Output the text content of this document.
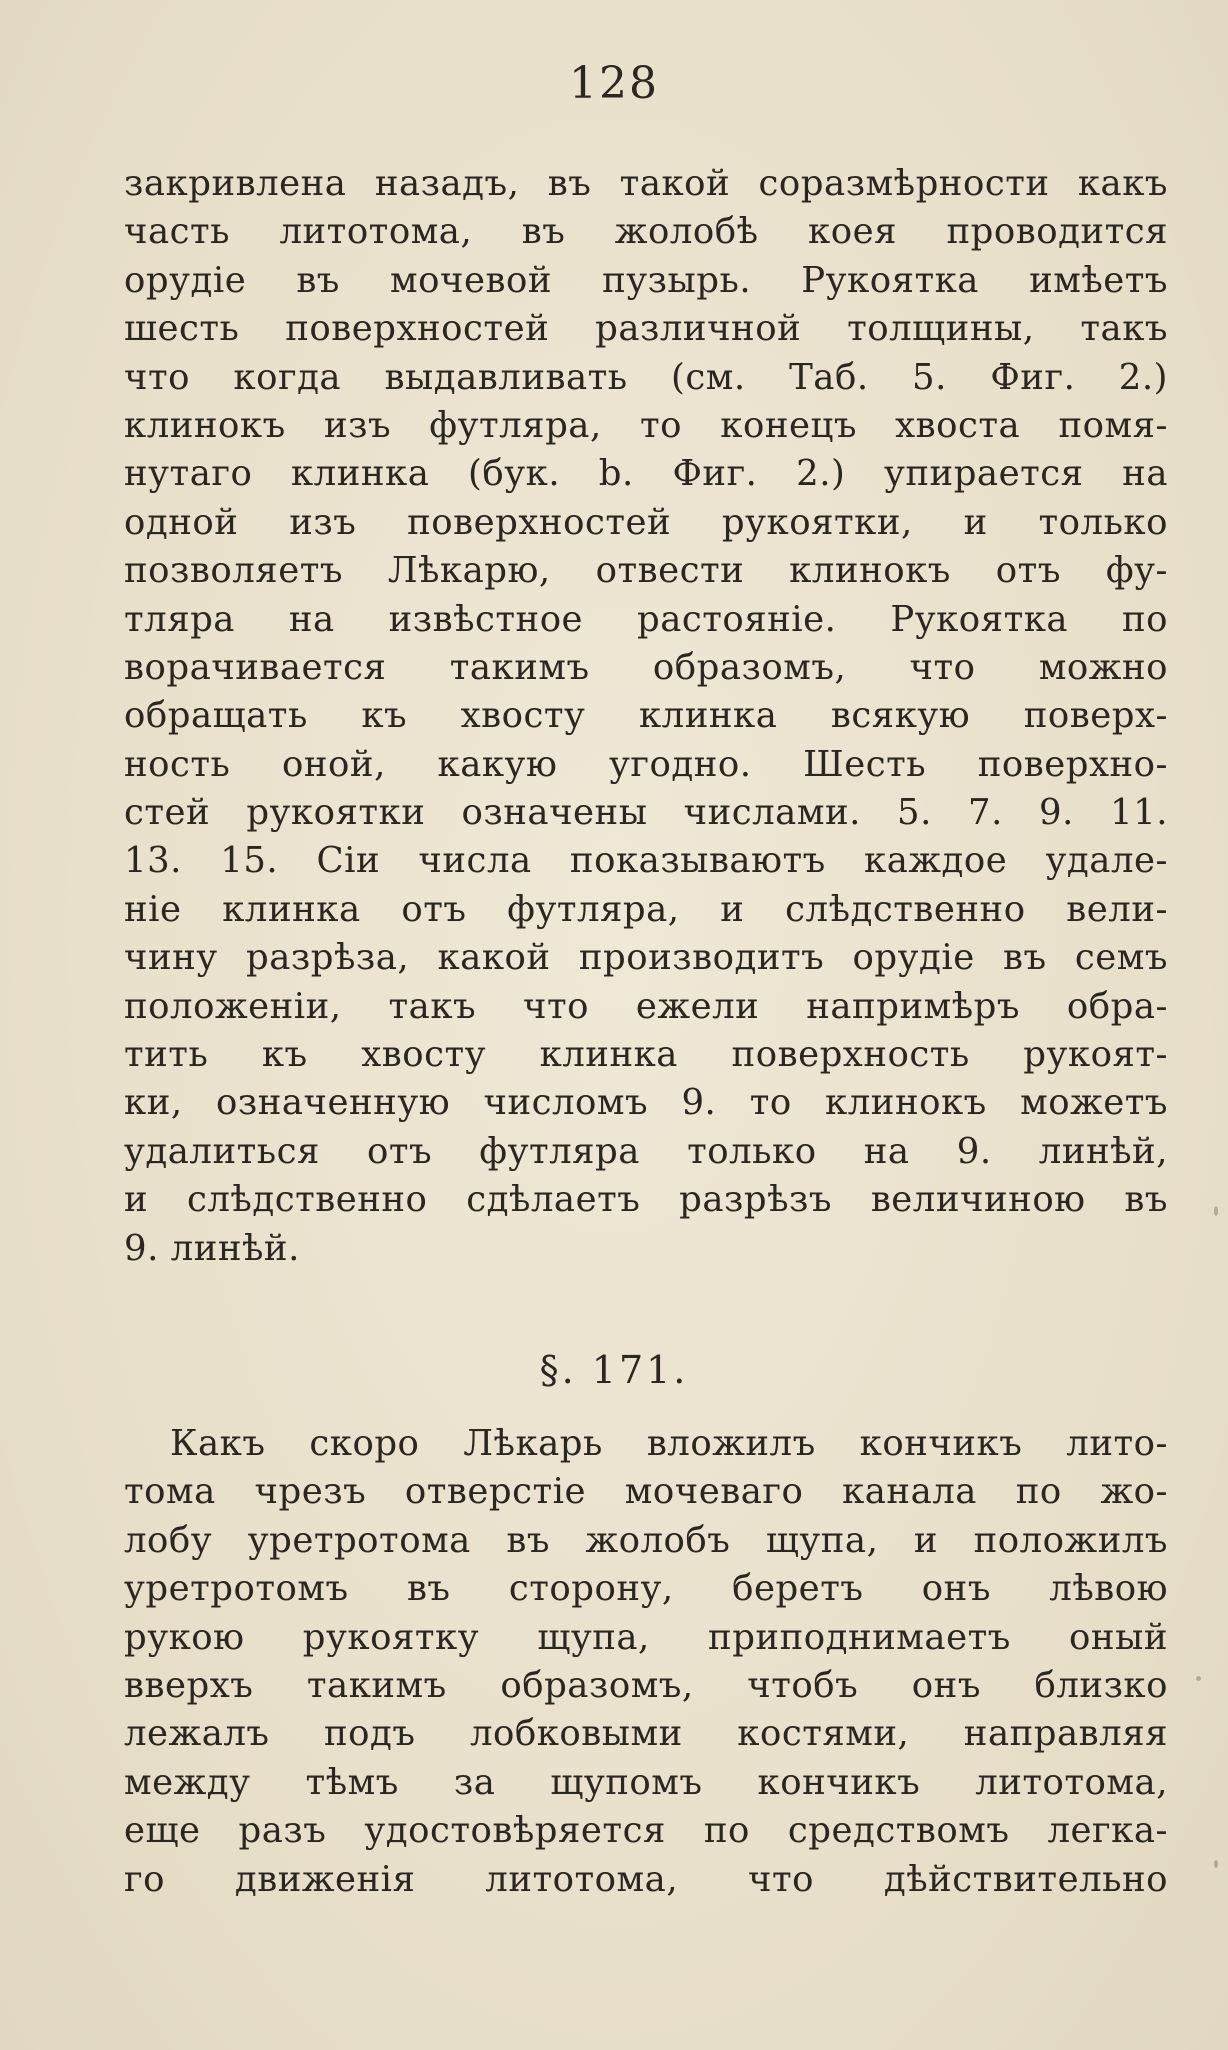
128
закривлена назадъ, въ такой соразмѣрности какъ
часть литотома, въ жолобѣ коея проводится
орудіе въ мочевой пузырь. Рукоятка имѣетъ
шесть поверхностей различной толщины, такъ
что когда выдавливать (см. Таб. 5. Фиг. 2.)
клинокъ изъ футляра, то конецъ хвоста помя-
нутаго клинка (бук. b. Фиг. 2.) упирается на
одной изъ поверхностей рукоятки, и только
позволяетъ Лѣкарю, отвести клинокъ отъ фу-
тляра на извѣстное растояніе. Рукоятка по
ворачивается такимъ образомъ, что можно
обращать къ хвосту клинка всякую поверх-
ность оной, какую угодно. Шесть поверхно-
стей рукоятки означены числами. 5. 7. 9. 11.
13. 15. Сіи числа показываютъ каждое удале-
ніе клинка отъ футляра, и слѣдственно вели-
чину разрѣза, какой производитъ орудіе въ семъ
положеніи, такъ что ежели напримѣръ обра-
тить къ хвосту клинка поверхность рукоят-
ки, означенную числомъ 9. то клинокъ можетъ
удалиться отъ футляра только на 9. линѣй,
и слѣдственно сдѣлаетъ разрѣзъ величиною въ
9. линѣй.
§. 171.
Какъ скоро Лѣкарь вложилъ кончикъ лито-
тома чрезъ отверстіе мочеваго канала по жо-
лобу уретротома въ жолобъ щупа, и положилъ
уретротомъ въ сторону, беретъ онъ лѣвою
рукою рукоятку щупа, приподнимаетъ оный
вверхъ такимъ образомъ, чтобъ онъ близко
лежалъ подъ лобковыми костями, направляя
между тѣмъ за щупомъ кончикъ литотома,
еще разъ удостовѣряется по средствомъ легка-
го движенія литотома, что дѣйствительно
